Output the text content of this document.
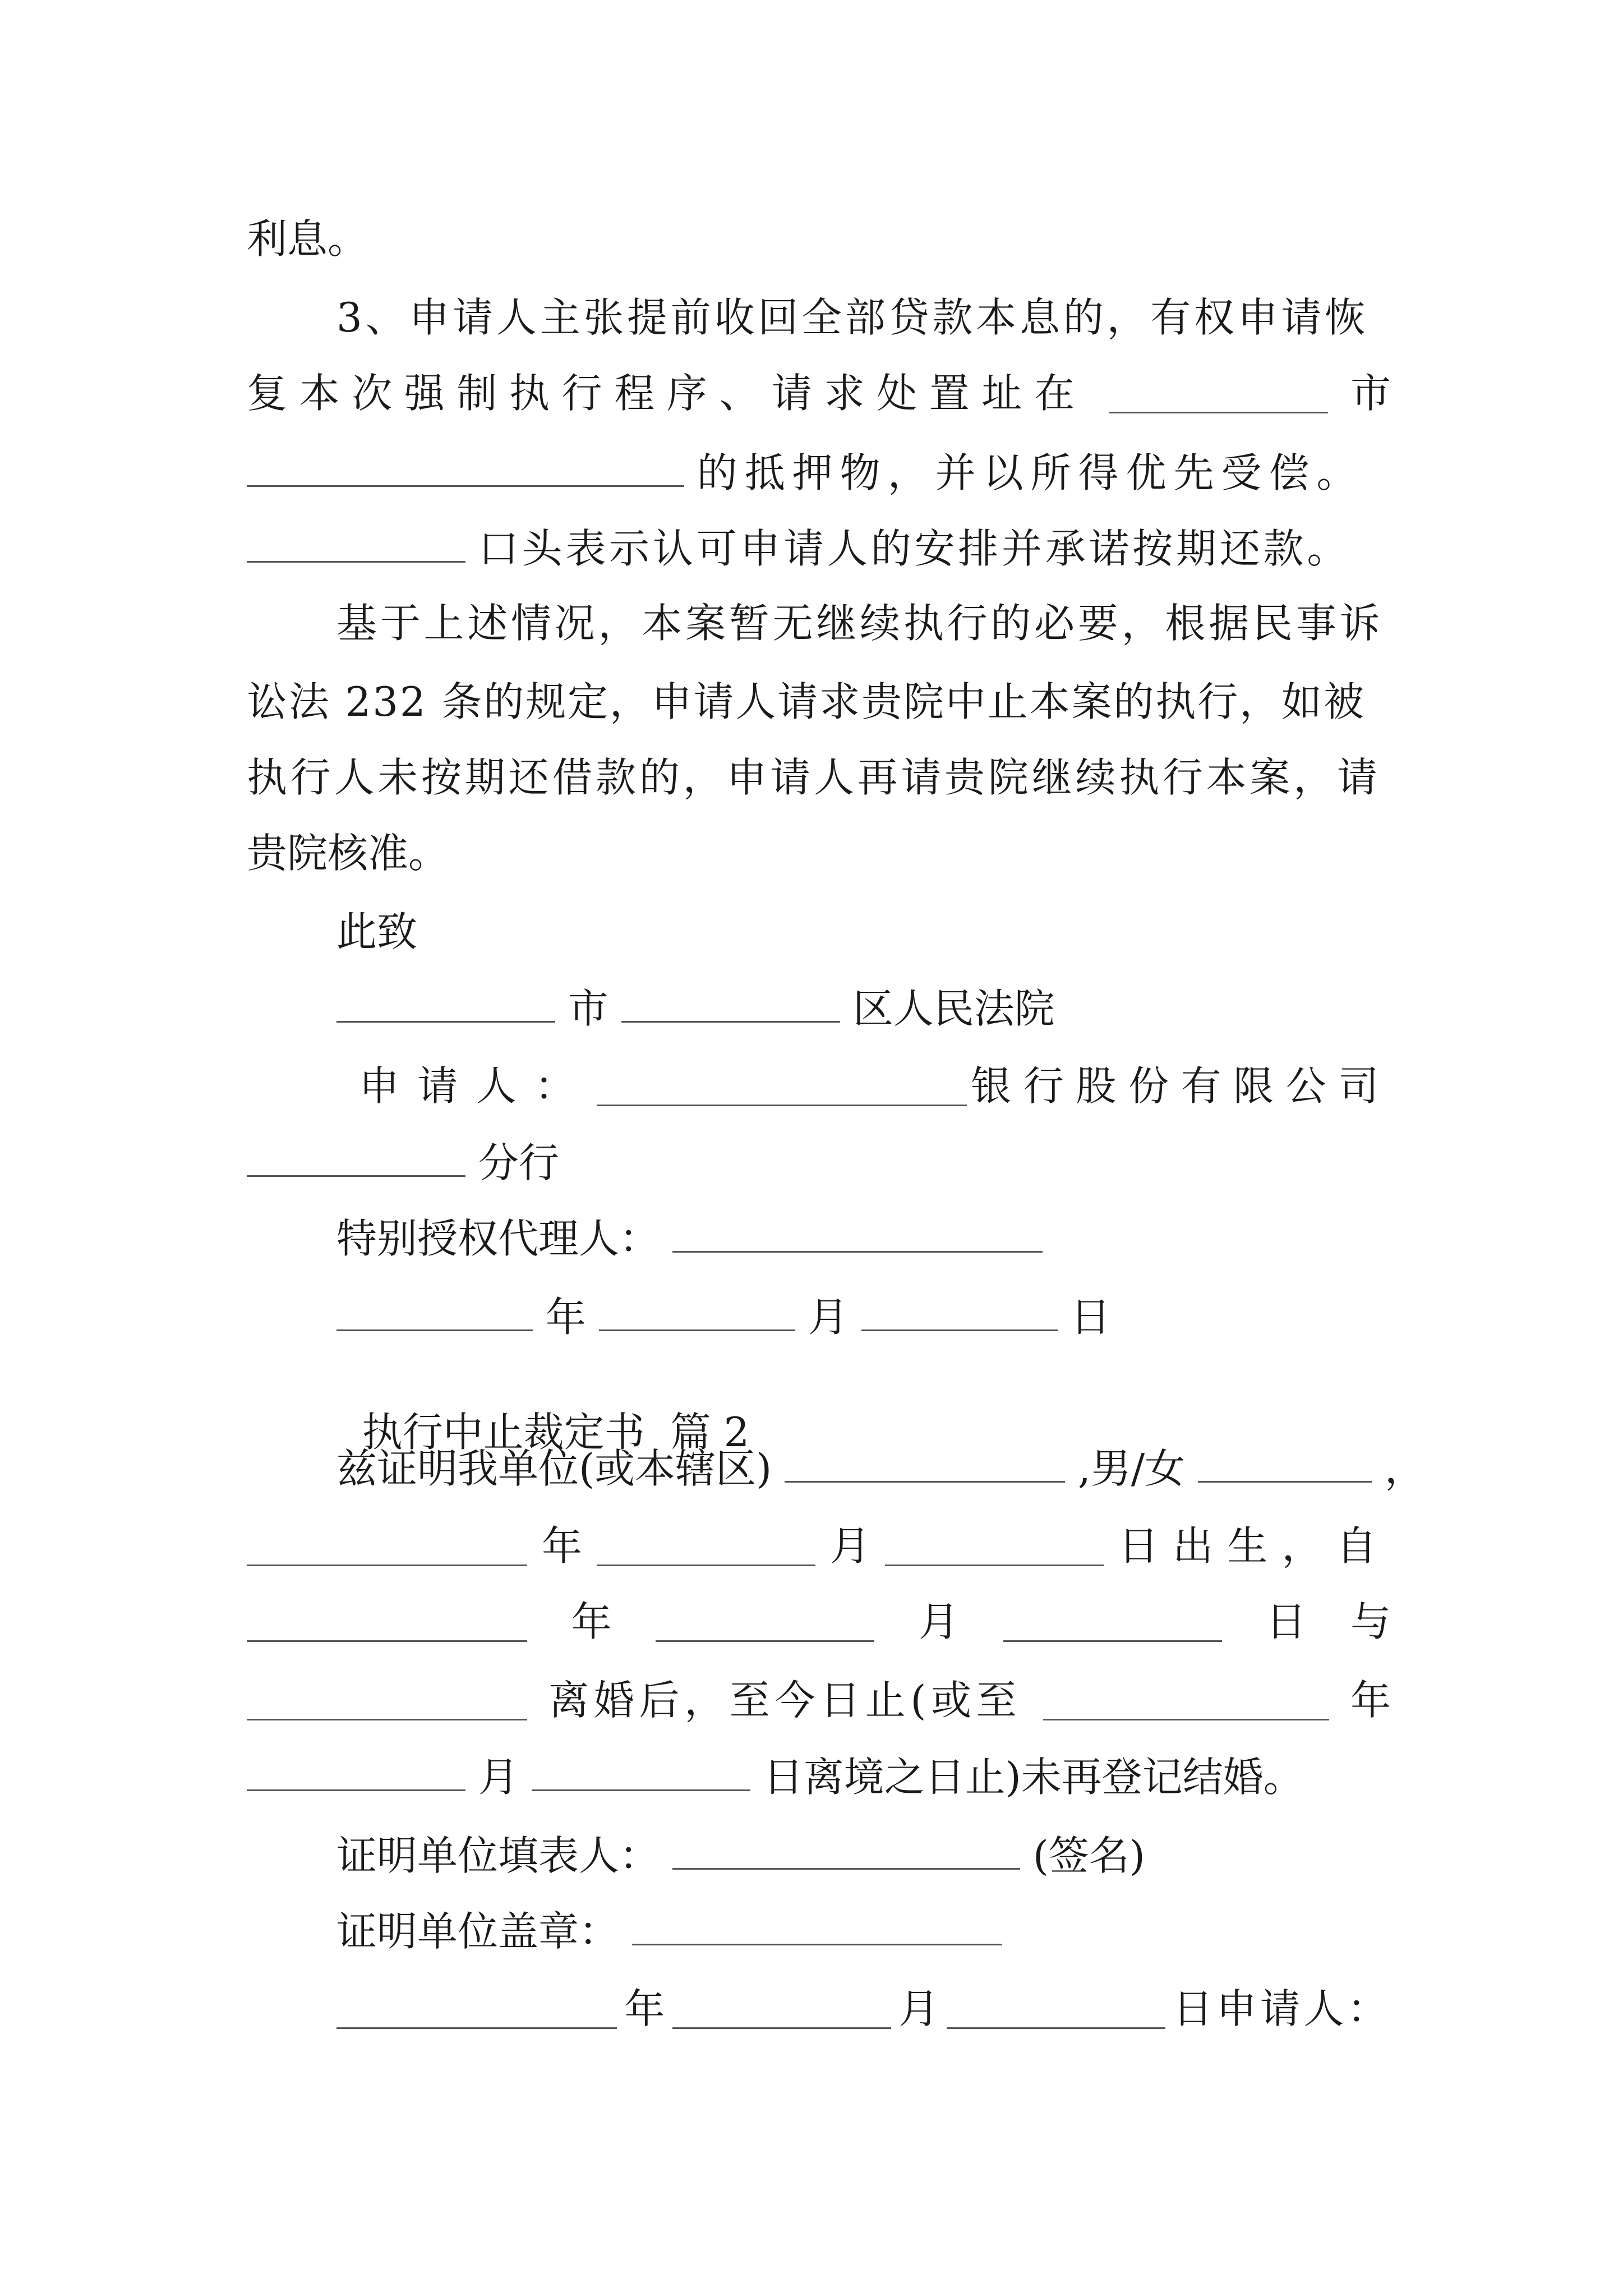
利息。
3、申请人主张提前收回全部贷款本息的，有权申请恢
复本次强制执行程序、请求处置址在	市
的抵押物，并以所得优先受偿。
口头表示认可申请人的安排并承诺按期还款。
基于上述情况，本案暂无继续执行的必要，根据民事诉
讼法 232 条的规定，申请人请求贵院中止本案的执行，如被
执行人未按期还借款的，申请人再请贵院继续执行本案，请
贵院核准。
此致
市	区人民法院
申请人：	银行股份有限公司
分行
特别授权代理人：
年	月	日

执行中止裁定书  篇 2

兹证明我单位(或本辖区)	,男/女	，
年	月	日出生，自
年	月	日 与
离婚后，至今日止(或至	年
月	日离境之日止)未再登记结婚。
证明单位填表人：	(签名)
证明单位盖章：
年	月	日申请人：
